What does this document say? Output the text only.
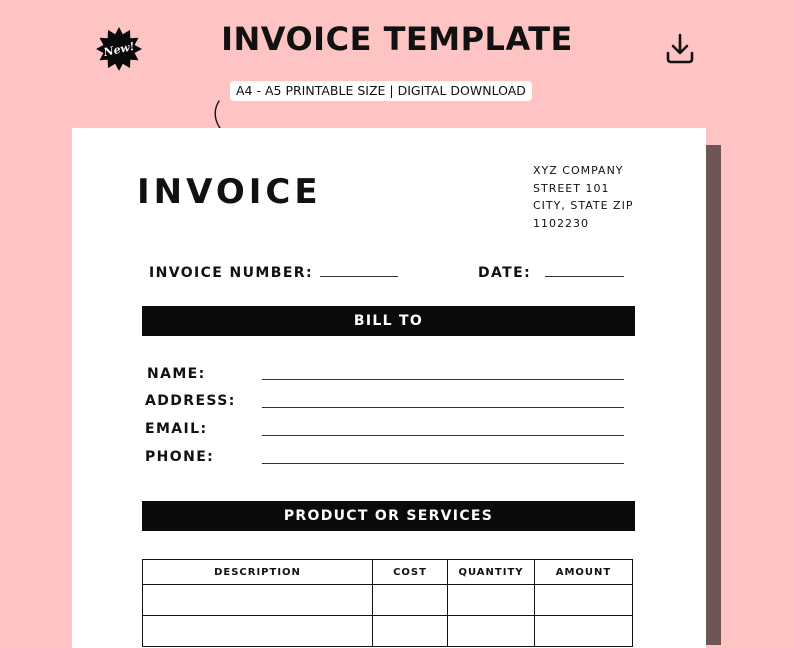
New!	INVOICE TEMPLATE
A4 - A5 PRINTABLE SIZE | DIGITAL DOWNLOAD
INVOICE
XYZ COMPANY
STREET 101
CITY, STATE ZIP
1102230
INVOICE NUMBER:	DATE:
BILL TO
NAME:
ADDRESS:
EMAIL:
PHONE:
PRODUCT OR SERVICES
DESCRIPTION	COST	QUANTITY	AMOUNT
